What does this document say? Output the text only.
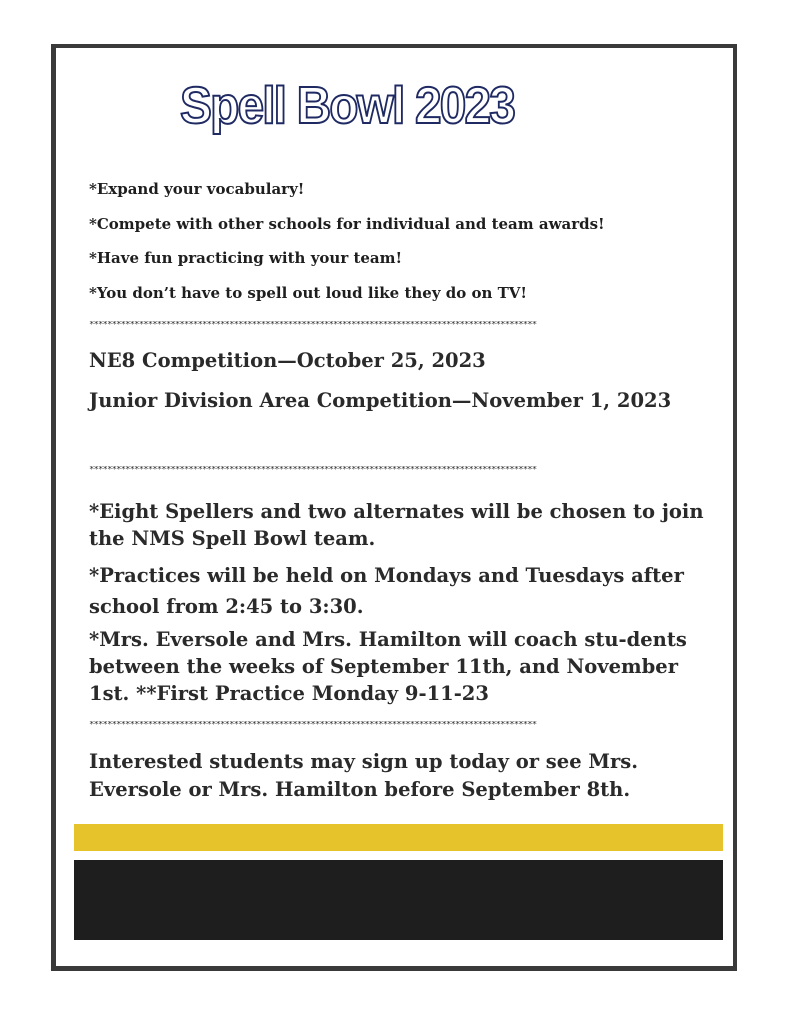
Spell Bowl 2023
*Expand your vocabulary!
*Compete with other schools for individual and team awards!
*Have fun practicing with your team!
*You don’t have to spell out loud like they do on TV!
***************************************************************************************************
NE8 Competition—October 25, 2023
Junior Division Area Competition—November 1, 2023
***************************************************************************************************
*Eight Spellers and two alternates will be chosen to join the NMS Spell Bowl team.
*Practices will be held on Mondays and Tuesdays after school from 2:45 to 3:30.
*Mrs. Eversole and Mrs. Hamilton will coach stu-dents between the weeks of September 11th, and November 1st. **First Practice Monday 9-11-23
***************************************************************************************************
Interested students may sign up today or see Mrs. Eversole or Mrs. Hamilton before September 8th.
